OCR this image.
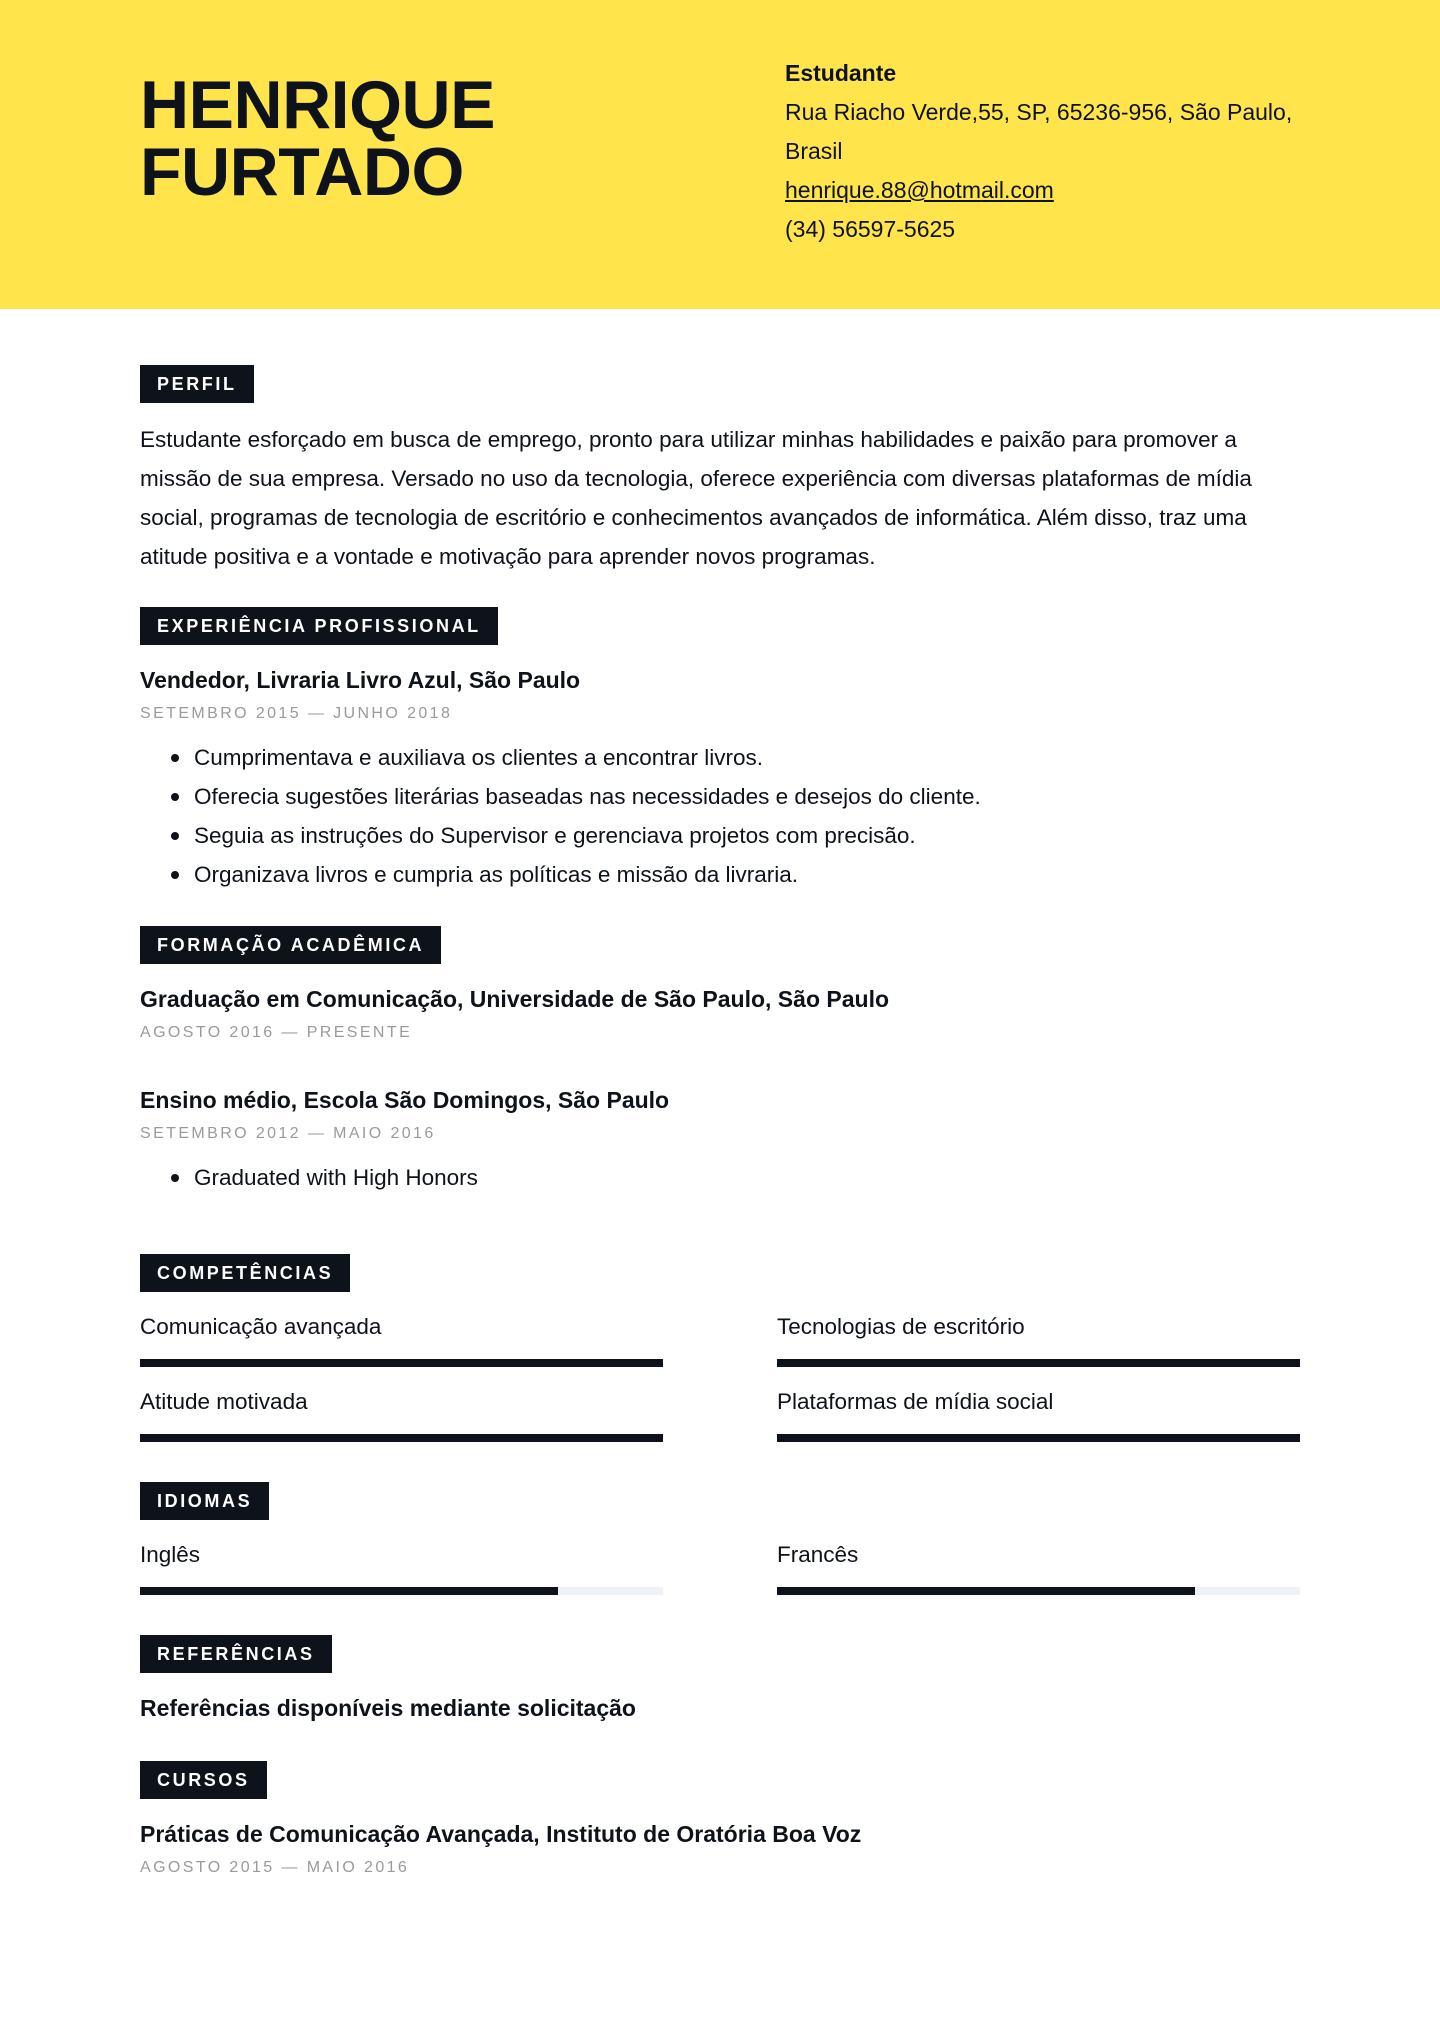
HENRIQUE
FURTADO
Estudante
Rua Riacho Verde,55, SP, 65236-956, São Paulo,
Brasil
henrique.88@hotmail.com
(34) 56597-5625
PERFIL
Estudante esforçado em busca de emprego, pronto para utilizar minhas habilidades e paixão para promover a
missão de sua empresa. Versado no uso da tecnologia, oferece experiência com diversas plataformas de mídia
social, programas de tecnologia de escritório e conhecimentos avançados de informática. Além disso, traz uma
atitude positiva e a vontade e motivação para aprender novos programas.
EXPERIÊNCIA PROFISSIONAL
Vendedor, Livraria Livro Azul, São Paulo
SETEMBRO 2015 — JUNHO 2018
Cumprimentava e auxiliava os clientes a encontrar livros.
Oferecia sugestões literárias baseadas nas necessidades e desejos do cliente.
Seguia as instruções do Supervisor e gerenciava projetos com precisão.
Organizava livros e cumpria as políticas e missão da livraria.
FORMAÇÃO ACADÊMICA
Graduação em Comunicação, Universidade de São Paulo, São Paulo
AGOSTO 2016 — PRESENTE
Ensino médio, Escola São Domingos, São Paulo
SETEMBRO 2012 — MAIO 2016
Graduated with High Honors
COMPETÊNCIAS
Comunicação avançada	Tecnologias de escritório
Atitude motivada	Plataformas de mídia social
IDIOMAS
Inglês	Francês
REFERÊNCIAS
Referências disponíveis mediante solicitação
CURSOS
Práticas de Comunicação Avançada, Instituto de Oratória Boa Voz
AGOSTO 2015 — MAIO 2016
